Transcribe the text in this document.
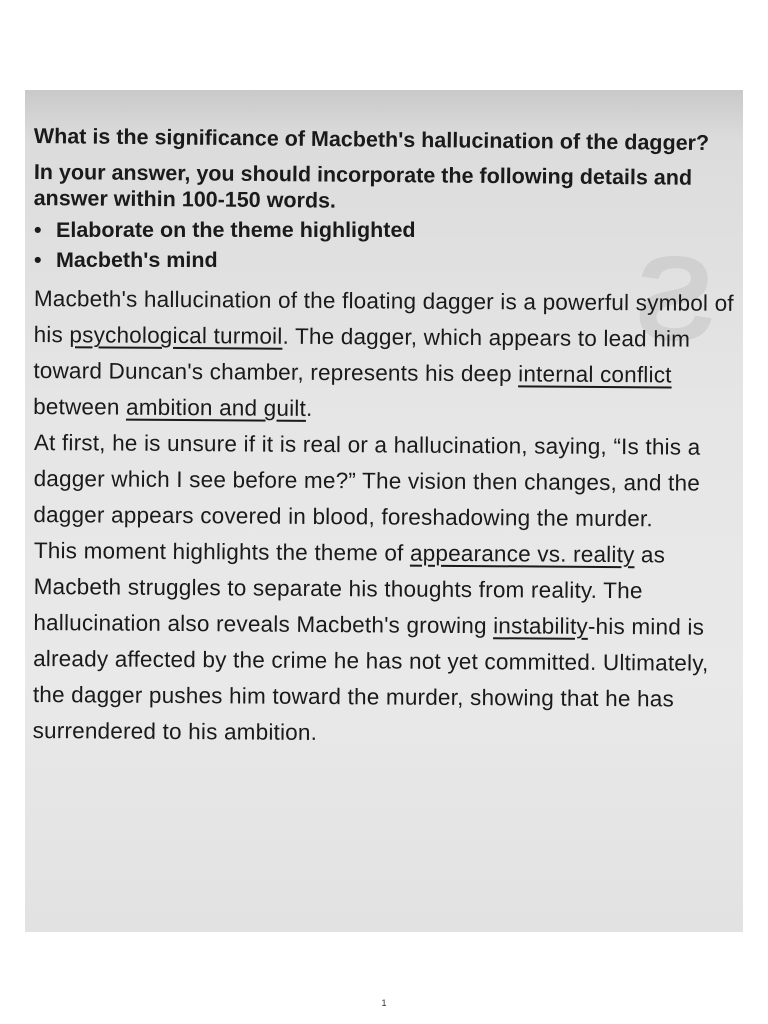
S

What is the significance of Macbeth's hallucination of the dagger?

In your answer, you should incorporate the following details and answer within 100-150 words.

• Elaborate on the theme highlighted
• Macbeth's mind

Macbeth's hallucination of the floating dagger is a powerful symbol of his psychological turmoil. The dagger, which appears to lead him toward Duncan's chamber, represents his deep internal conflict between ambition and guilt.

At first, he is unsure if it is real or a hallucination, saying, “Is this a dagger which I see before me?” The vision then changes, and the dagger appears covered in blood, foreshadowing the murder.

This moment highlights the theme of appearance vs. reality as Macbeth struggles to separate his thoughts from reality. The hallucination also reveals Macbeth's growing instability-his mind is already affected by the crime he has not yet committed. Ultimately, the dagger pushes him toward the murder, showing that he has surrendered to his ambition.

1
